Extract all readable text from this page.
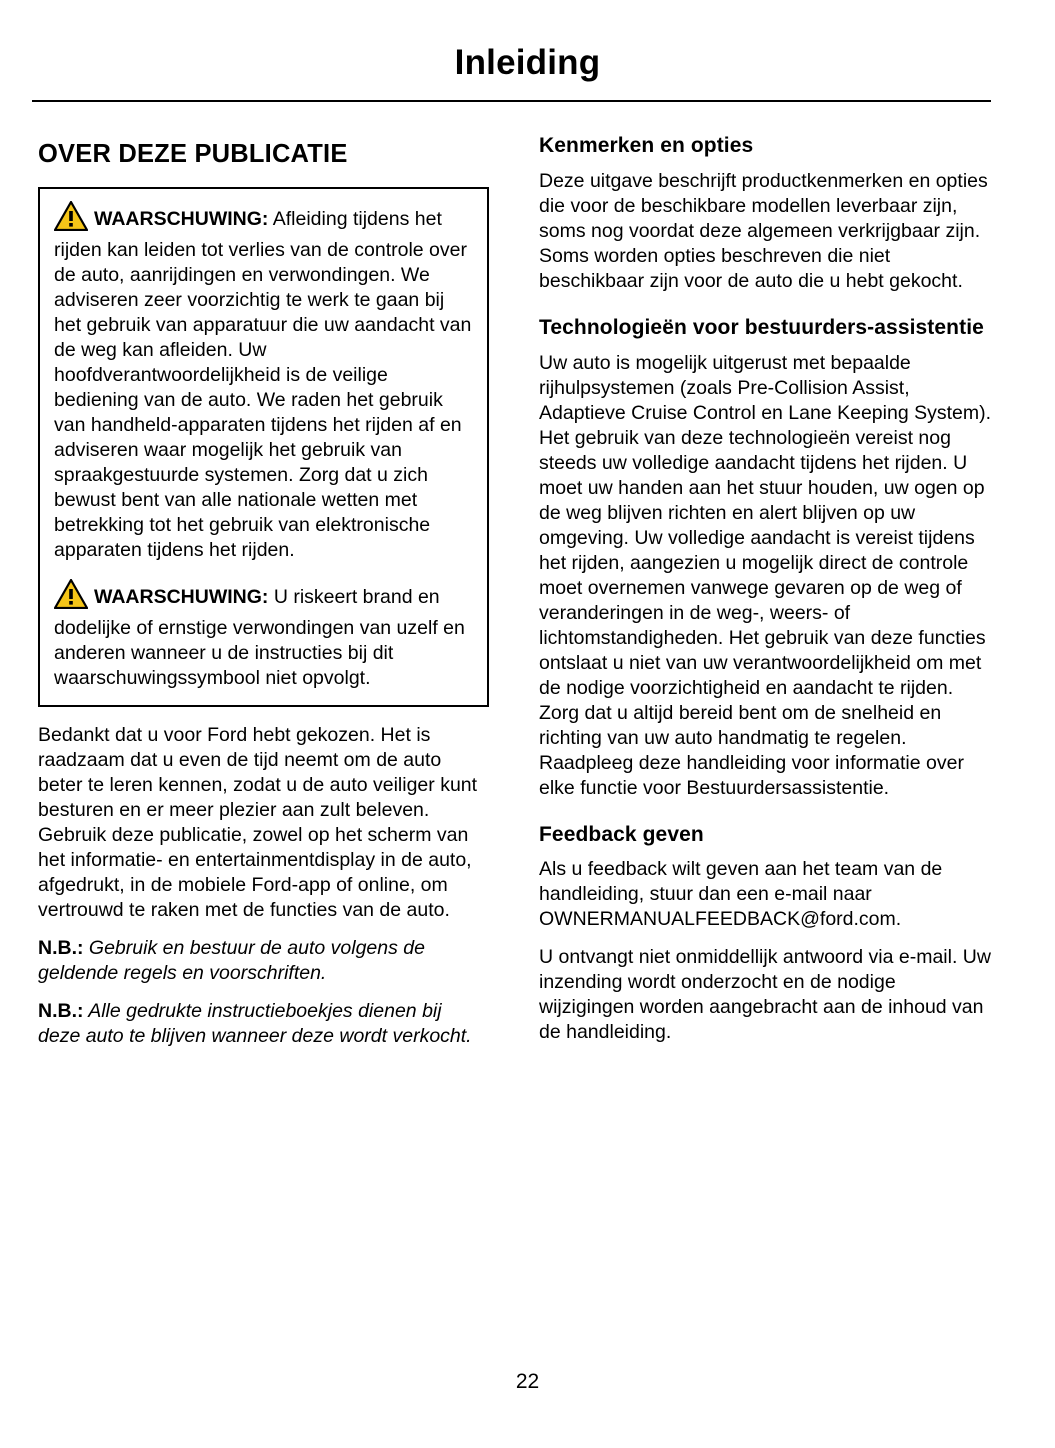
Inleiding
OVER DEZE PUBLICATIE

WAARSCHUWING: Afleiding tijdens het rijden kan leiden tot verlies van de controle over de auto, aanrijdingen en verwondingen. We adviseren zeer voorzichtig te werk te gaan bij het gebruik van apparatuur die uw aandacht van de weg kan afleiden. Uw hoofdverantwoordelijkheid is de veilige bediening van de auto. We raden het gebruik van handheld-apparaten tijdens het rijden af en adviseren waar mogelijk het gebruik van spraakgestuurde systemen. Zorg dat u zich bewust bent van alle nationale wetten met betrekking tot het gebruik van elektronische apparaten tijdens het rijden.

WAARSCHUWING: U riskeert brand en dodelijke of ernstige verwondingen van uzelf en anderen wanneer u de instructies bij dit waarschuwingssymbool niet opvolgt.

Bedankt dat u voor Ford hebt gekozen. Het is raadzaam dat u even de tijd neemt om de auto beter te leren kennen, zodat u de auto veiliger kunt besturen en er meer plezier aan zult beleven. Gebruik deze publicatie, zowel op het scherm van het informatie- en entertainmentdisplay in de auto, afgedrukt, in de mobiele Ford-app of online, om vertrouwd te raken met de functies van de auto.

N.B.: Gebruik en bestuur de auto volgens de geldende regels en voorschriften.

N.B.: Alle gedrukte instructieboekjes dienen bij deze auto te blijven wanneer deze wordt verkocht.

Kenmerken en opties

Deze uitgave beschrijft productkenmerken en opties die voor de beschikbare modellen leverbaar zijn, soms nog voordat deze algemeen verkrijgbaar zijn. Soms worden opties beschreven die niet beschikbaar zijn voor de auto die u hebt gekocht.

Technologieën voor bestuurders-assistentie

Uw auto is mogelijk uitgerust met bepaalde rijhulpsystemen (zoals Pre-Collision Assist, Adaptieve Cruise Control en Lane Keeping System). Het gebruik van deze technologieën vereist nog steeds uw volledige aandacht tijdens het rijden. U moet uw handen aan het stuur houden, uw ogen op de weg blijven richten en alert blijven op uw omgeving. Uw volledige aandacht is vereist tijdens het rijden, aangezien u mogelijk direct de controle moet overnemen vanwege gevaren op de weg of veranderingen in de weg-, weers- of lichtomstandigheden. Het gebruik van deze functies ontslaat u niet van uw verantwoordelijkheid om met de nodige voorzichtigheid en aandacht te rijden. Zorg dat u altijd bereid bent om de snelheid en richting van uw auto handmatig te regelen. Raadpleeg deze handleiding voor informatie over elke functie voor Bestuurdersassistentie.

Feedback geven

Als u feedback wilt geven aan het team van de handleiding, stuur dan een e-mail naar OWNERMANUALFEEDBACK@ford.com.

U ontvangt niet onmiddellijk antwoord via e-mail. Uw inzending wordt onderzocht en de nodige wijzigingen worden aangebracht aan de inhoud van de handleiding.

22
